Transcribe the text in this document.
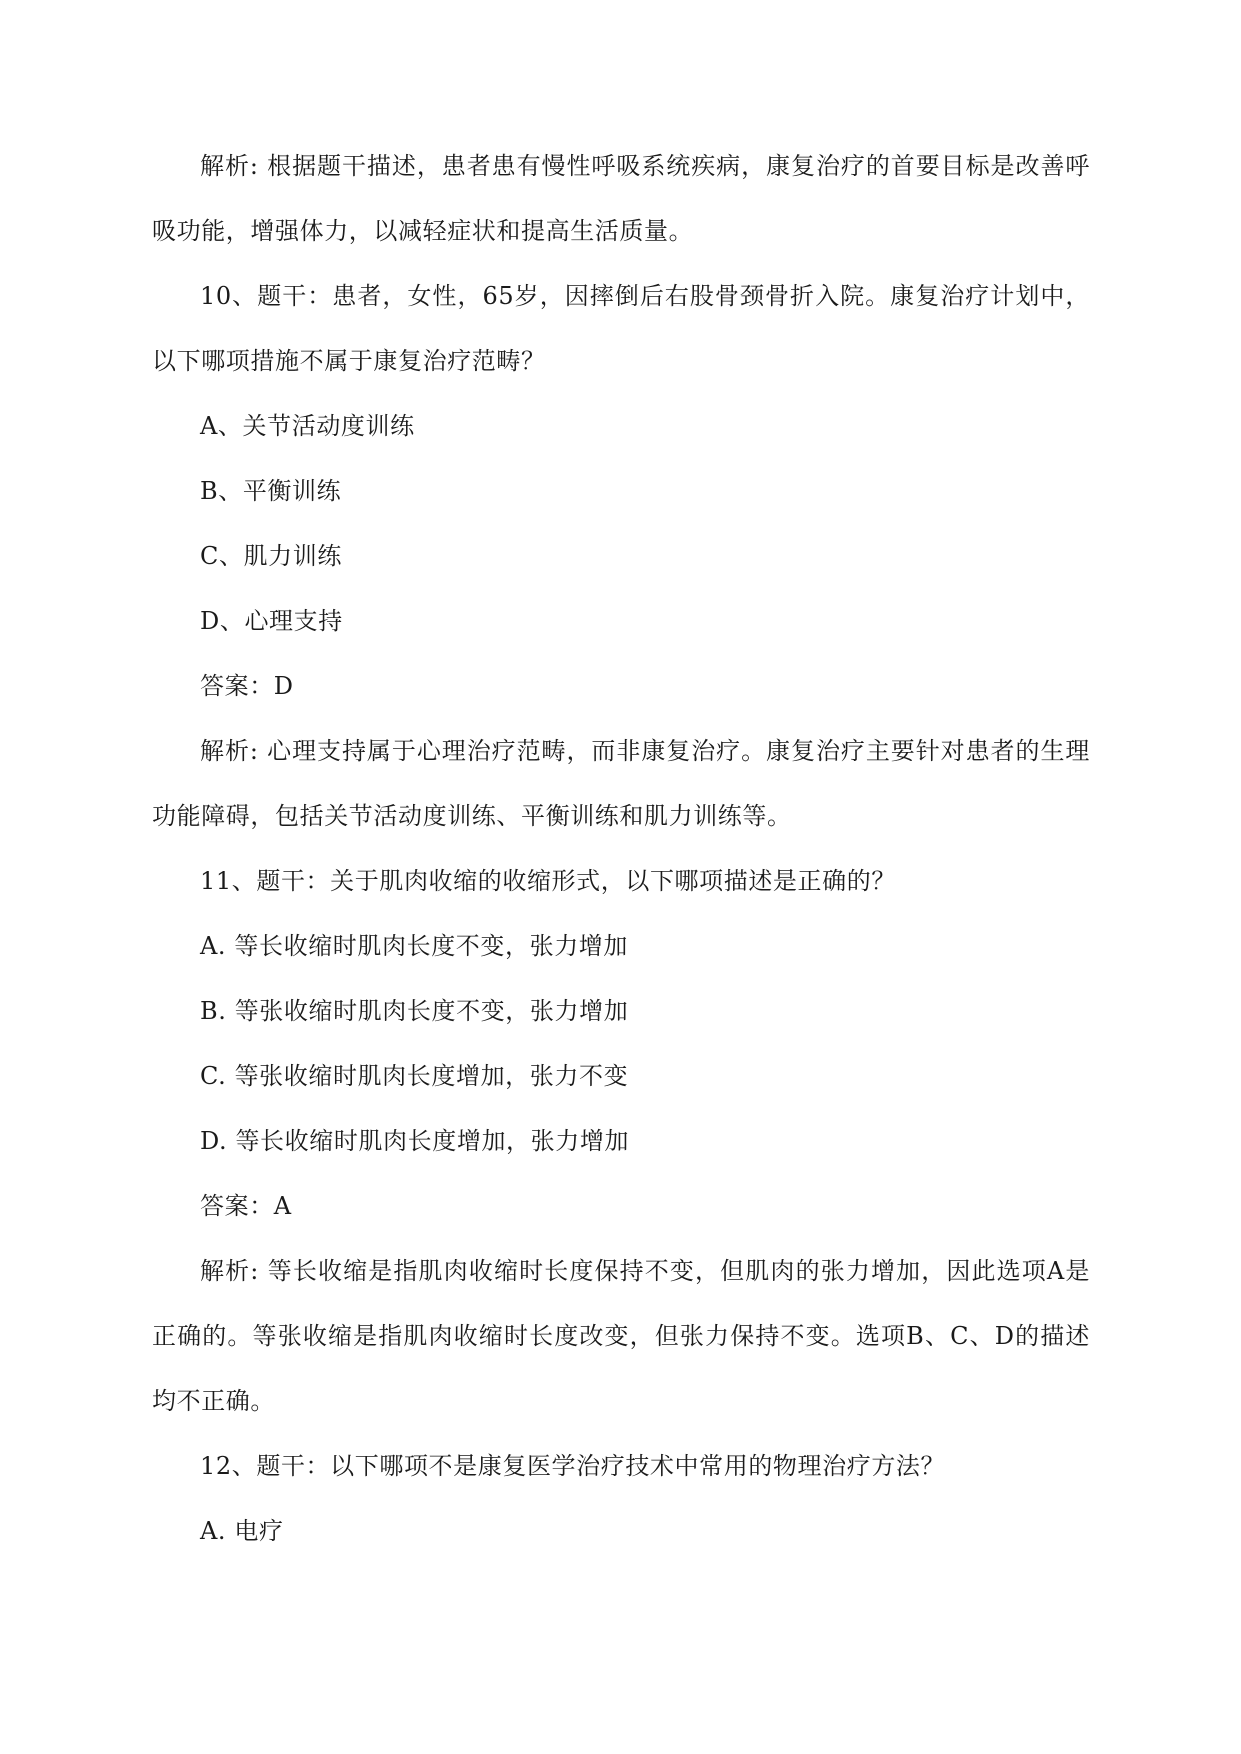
解析: 根据题干描述，患者患有慢性呼吸系统疾病，康复治疗的首要目标是改善呼吸功能，增强体力，以减轻症状和提高生活质量。

10、题干：患者，女性，65岁，因摔倒后右股骨颈骨折入院。康复治疗计划中，以下哪项措施不属于康复治疗范畴？

A、关节活动度训练

B、平衡训练

C、肌力训练

D、心理支持

答案：D

解析: 心理支持属于心理治疗范畴，而非康复治疗。康复治疗主要针对患者的生理功能障碍，包括关节活动度训练、平衡训练和肌力训练等。

11、题干：关于肌肉收缩的收缩形式，以下哪项描述是正确的？

A. 等长收缩时肌肉长度不变，张力增加

B. 等张收缩时肌肉长度不变，张力增加

C. 等张收缩时肌肉长度增加，张力不变

D. 等长收缩时肌肉长度增加，张力增加

答案：A

解析: 等长收缩是指肌肉收缩时长度保持不变，但肌肉的张力增加，因此选项A是正确的。等张收缩是指肌肉收缩时长度改变，但张力保持不变。选项B、C、D的描述均不正确。

12、题干：以下哪项不是康复医学治疗技术中常用的物理治疗方法？

A. 电疗
